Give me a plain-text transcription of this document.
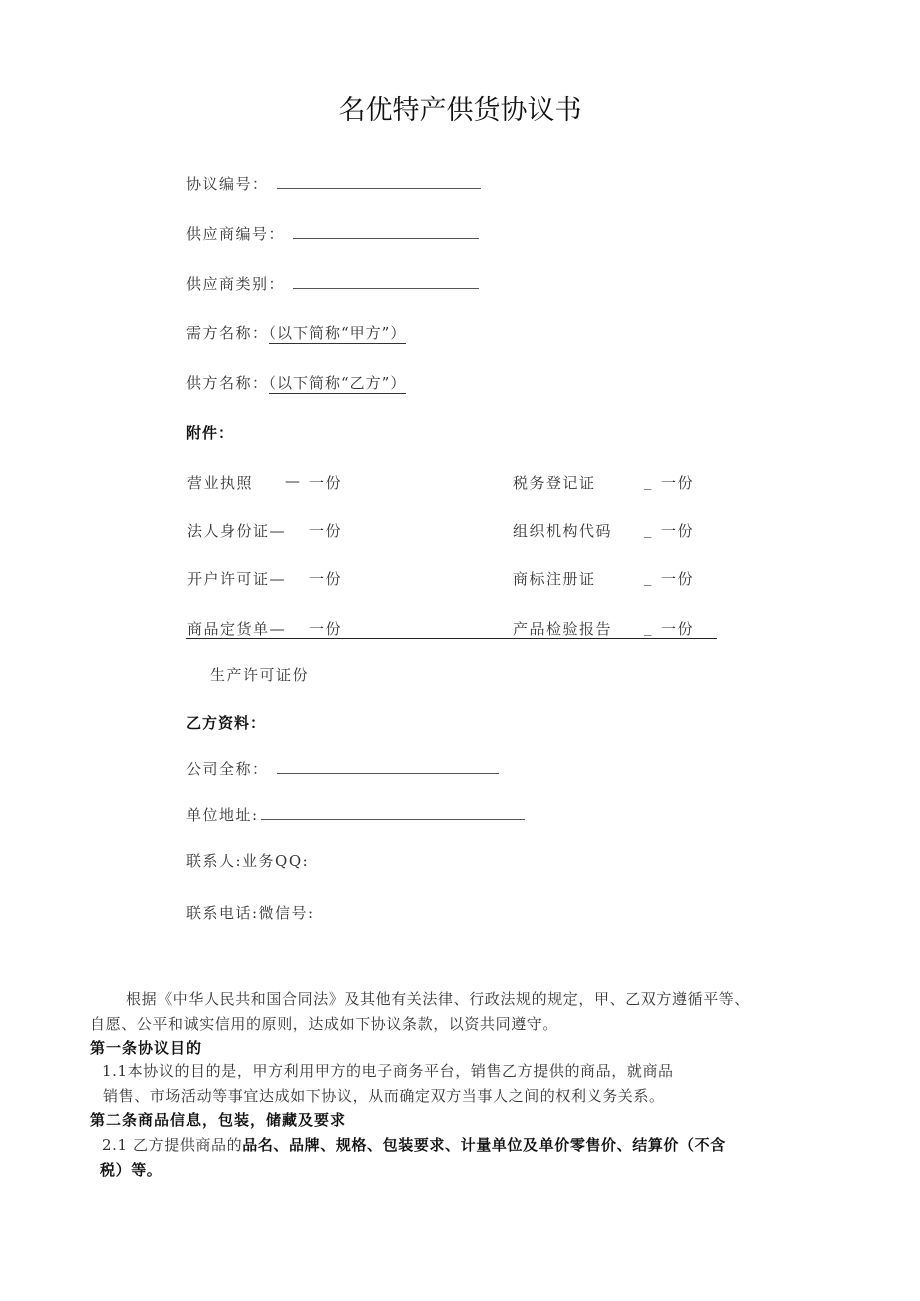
名优特产供货协议书
协议编号：
供应商编号：
供应商类别：
需方名称：（以下简称“甲方”）
供方名称：（以下简称“乙方”）
附件：
营业执照 — 一份	税务登记证	_ 一份
法人身份证— 一份	组织机构代码 _ 一份
开户许可证— 一份	商标注册证	_ 一份
商品定货单— 一份	产品检验报告 _ 一份
生产许可证份
乙方资料：
公司全称：
单位地址:
联系人:业务QQ:
联系电话:微信号:
根据《中华人民共和国合同法》及其他有关法律、行政法规的规定，甲、乙双方遵循平等、
自愿、公平和诚实信用的原则，达成如下协议条款，以资共同遵守。
第一条协议目的
1.1本协议的目的是，甲方利用甲方的电子商务平台，销售乙方提供的商品，就商品
销售、市场活动等事宜达成如下协议，从而确定双方当事人之间的权利义务关系。
第二条商品信息，包装，储藏及要求
2.1 乙方提供商品的品名、品牌、规格、包装要求、计量单位及单价零售价、结算价（不含
税）等。
